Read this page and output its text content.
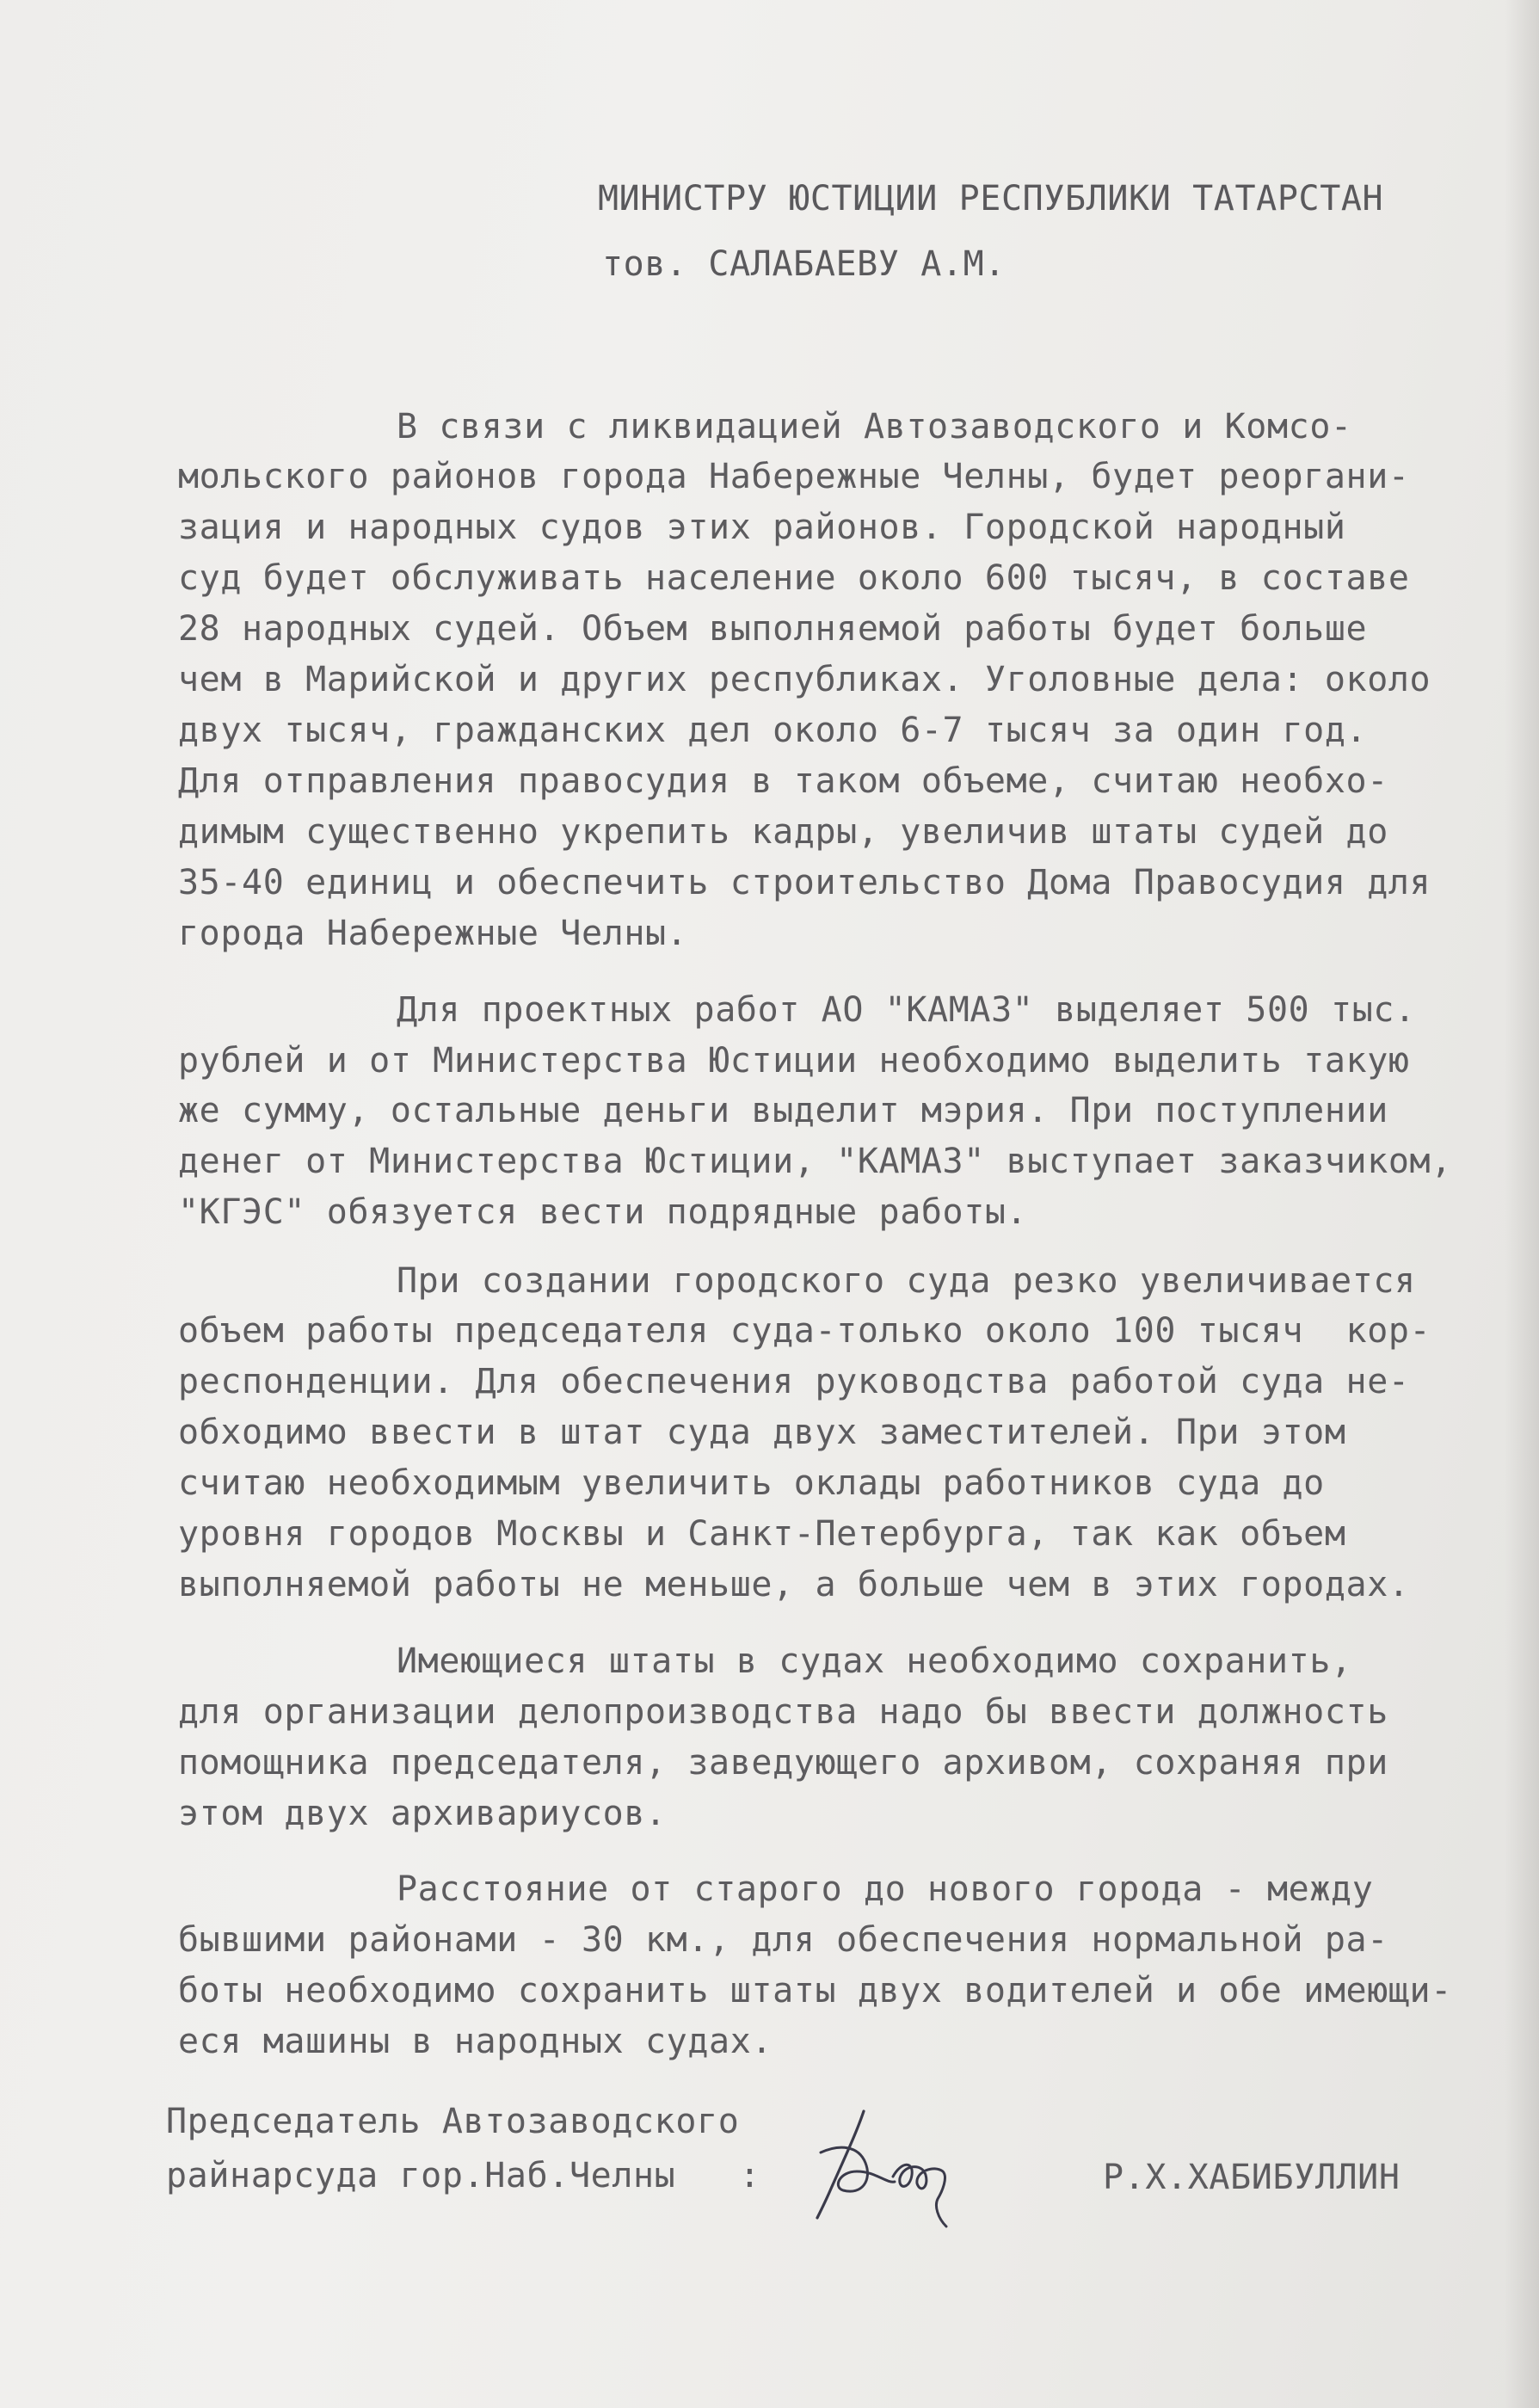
МИНИСТРУ ЮСТИЦИИ РЕСПУБЛИКИ ТАТАРСТАН

тов. САЛАБАЕВУ А.М.

В связи с ликвидацией Автозаводского и Комсо-

мольского районов города Набережные Челны, будет реоргани-

зация и народных судов этих районов. Городской народный

суд будет обслуживать население около 600 тысяч, в составе

28 народных судей. Объем выполняемой работы будет больше

чем в Марийской и других республиках. Уголовные дела: около

двух тысяч, гражданских дел около 6-7 тысяч за один год.

Для отправления правосудия в таком объеме, считаю необхо-

димым существенно укрепить кадры, увеличив штаты судей до

35-40 единиц и обеспечить строительство Дома Правосудия для

города Набережные Челны.

Для проектных работ АО "КАМАЗ" выделяет 500 тыс.

рублей и от Министерства Юстиции необходимо выделить такую

же сумму, остальные деньги выделит мэрия. При поступлении

денег от Министерства Юстиции, "КАМАЗ" выступает заказчиком,

"КГЭС" обязуется вести подрядные работы.

При создании городского суда резко увеличивается

объем работы председателя суда-только около 100 тысяч  кор-

респонденции. Для обеспечения руководства работой суда не-

обходимо ввести в штат суда двух заместителей. При этом

считаю необходимым увеличить оклады работников суда до

уровня городов Москвы и Санкт-Петербурга, так как объем

выполняемой работы не меньше, а больше чем в этих городах.

Имеющиеся штаты в судах необходимо сохранить,

для организации делопроизводства надо бы ввести должность

помощника председателя, заведующего архивом, сохраняя при

этом двух архивариусов.

Расстояние от старого до нового города - между

бывшими районами - 30 км., для обеспечения нормальной ра-

боты необходимо сохранить штаты двух водителей и обе имеющи-

еся машины в народных судах.

Председатель Автозаводского

райнарсуда гор.Наб.Челны   :	Р.Х.ХАБИБУЛЛИН
